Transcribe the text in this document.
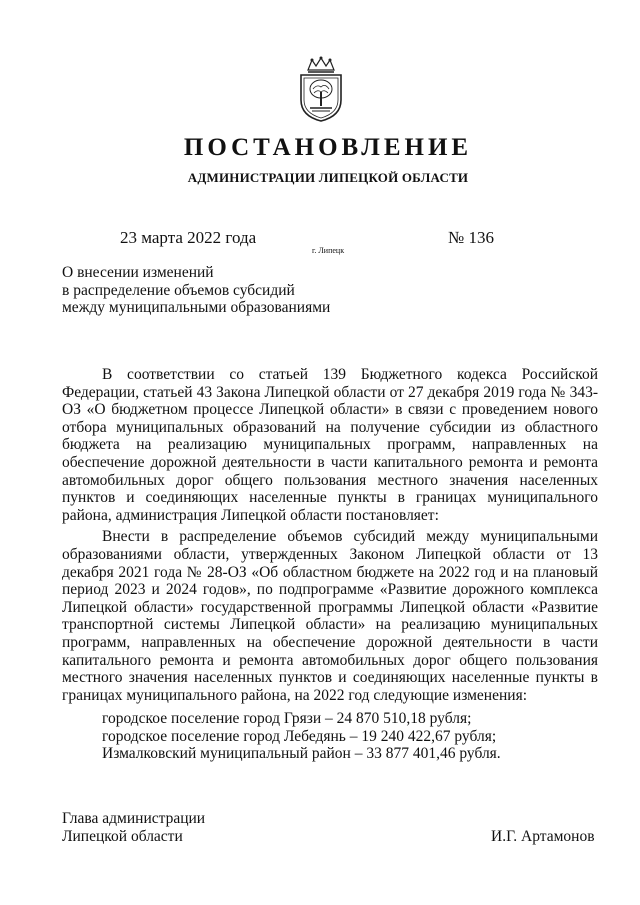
ПОСТАНОВЛЕНИЕ
АДМИНИСТРАЦИИ ЛИПЕЦКОЙ ОБЛАСТИ
23 марта 2022 года
г. Липецк
№ 136
О внесении изменений
в распределение объемов субсидий
между муниципальными образованиями

В соответствии со статьей 139 Бюджетного кодекса Российской Федерации, статьей 43 Закона Липецкой области от 27 декабря 2019 года № 343-ОЗ «О бюджетном процессе Липецкой области» в связи с проведением нового отбора муниципальных образований на получение субсидии из областного бюджета на реализацию муниципальных программ, направленных на обеспечение дорожной деятельности в части капитального ремонта и ремонта автомобильных дорог общего пользования местного значения населенных пунктов и соединяющих населенные пункты в границах муниципального района, администрация Липецкой области постановляет:

Внести в распределение объемов субсидий между муниципальными образованиями области, утвержденных Законом Липецкой области от 13 декабря 2021 года № 28-ОЗ «Об областном бюджете на 2022 год и на плановый период 2023 и 2024 годов», по подпрограмме «Развитие дорожного комплекса Липецкой области» государственной программы Липецкой области «Развитие транспортной системы Липецкой области» на реализацию муниципальных программ, направленных на обеспечение дорожной деятельности в части капитального ремонта и ремонта автомобильных дорог общего пользования местного значения населенных пунктов и соединяющих населенные пункты в границах муниципального района, на 2022 год следующие изменения:

городское поселение город Грязи – 24 870 510,18 рубля;
городское поселение город Лебедянь – 19 240 422,67 рубля;
Измалковский муниципальный район – 33 877 401,46 рубля.
Глава администрации
Липецкой области	И.Г. Артамонов
